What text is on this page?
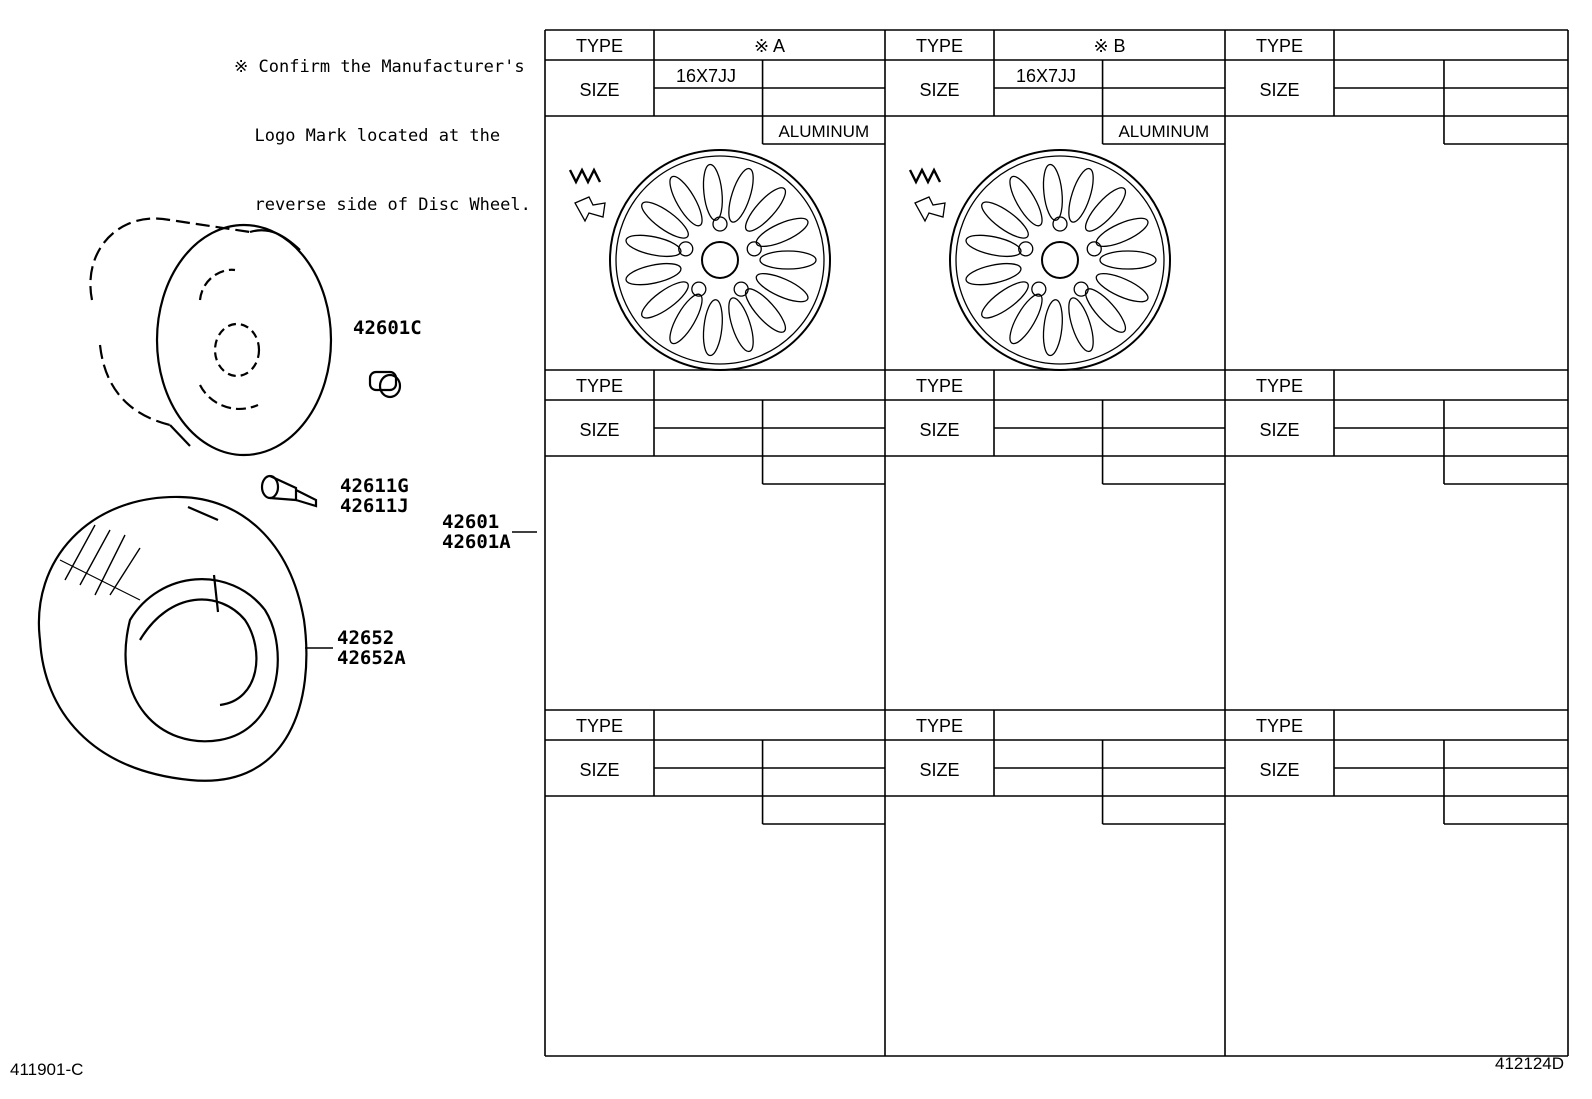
※ Confirm the Manufacturer's

Logo Mark located at the

reverse side of Disc Wheel.

42601C
42611G
42611J
42601
42601A
42652
42652A
TYPE
SIZE
※ A
16X7JJ
ALUMINUM
TYPE
SIZE
※ B
16X7JJ
ALUMINUM
TYPE
SIZE
TYPE
SIZE
TYPE
SIZE
TYPE
SIZE
TYPE
SIZE
TYPE
SIZE
TYPE
SIZE
411901-C	412124D
